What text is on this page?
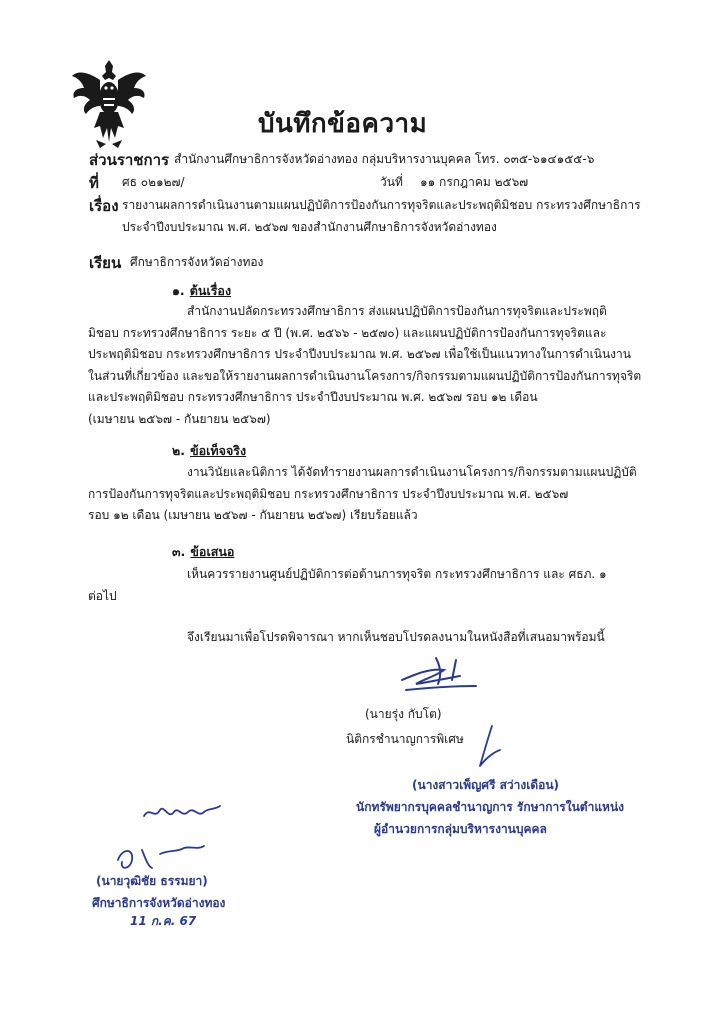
บันทึกข้อความ
ส่วนราชการ สำนักงานศึกษาธิการจังหวัดอ่างทอง กลุ่มบริหารงานบุคคล โทร. ๐๓๕-๖๑๔๑๕๕-๖
ที่ ศธ ๐๒๑๒๗/	วันที่ ๑๑ กรกฎาคม ๒๕๖๗
เรื่อง รายงานผลการดำเนินงานตามแผนปฏิบัติการป้องกันการทุจริตและประพฤติมิชอบ กระทรวงศึกษาธิการ
ประจำปีงบประมาณ พ.ศ. ๒๕๖๗ ของสำนักงานศึกษาธิการจังหวัดอ่างทอง
เรียน ศึกษาธิการจังหวัดอ่างทอง
๑. ต้นเรื่อง
สำนักงานปลัดกระทรวงศึกษาธิการ ส่งแผนปฏิบัติการป้องกันการทุจริตและประพฤติ
มิชอบ กระทรวงศึกษาธิการ ระยะ ๕ ปี (พ.ศ. ๒๕๖๖ - ๒๕๗๐) และแผนปฏิบัติการป้องกันการทุจริตและ
ประพฤติมิชอบ กระทรวงศึกษาธิการ ประจำปีงบประมาณ พ.ศ. ๒๕๖๗ เพื่อใช้เป็นแนวทางในการดำเนินงาน
ในส่วนที่เกี่ยวข้อง และขอให้รายงานผลการดำเนินงานโครงการ/กิจกรรมตามแผนปฏิบัติการป้องกันการทุจริต
และประพฤติมิชอบ กระทรวงศึกษาธิการ ประจำปีงบประมาณ พ.ศ. ๒๕๖๗ รอบ ๑๒ เดือน
(เมษายน ๒๕๖๗ - กันยายน ๒๕๖๗)
๒. ข้อเท็จจริง
งานวินัยและนิติการ ได้จัดทำรายงานผลการดำเนินงานโครงการ/กิจกรรมตามแผนปฏิบัติ
การป้องกันการทุจริตและประพฤติมิชอบ กระทรวงศึกษาธิการ ประจำปีงบประมาณ พ.ศ. ๒๕๖๗
รอบ ๑๒ เดือน (เมษายน ๒๕๖๗ - กันยายน ๒๕๖๗) เรียบร้อยแล้ว
๓. ข้อเสนอ
เห็นควรรายงานศูนย์ปฏิบัติการต่อต้านการทุจริต กระทรวงศึกษาธิการ และ ศธภ. ๑
ต่อไป
จึงเรียนมาเพื่อโปรดพิจารณา หากเห็นชอบโปรดลงนามในหนังสือที่เสนอมาพร้อมนี้
(นายรุ่ง กับโต)
นิติกรชำนาญการพิเศษ
(นางสาวเพ็ญศรี สว่างเดือน)
นักทรัพยากรบุคคลชำนาญการ รักษาการในตำแหน่ง
ผู้อำนวยการกลุ่มบริหารงานบุคคล
(นายวุฒิชัย ธรรมยา)
ศึกษาธิการจังหวัดอ่างทอง
11 ก.ค. 67
